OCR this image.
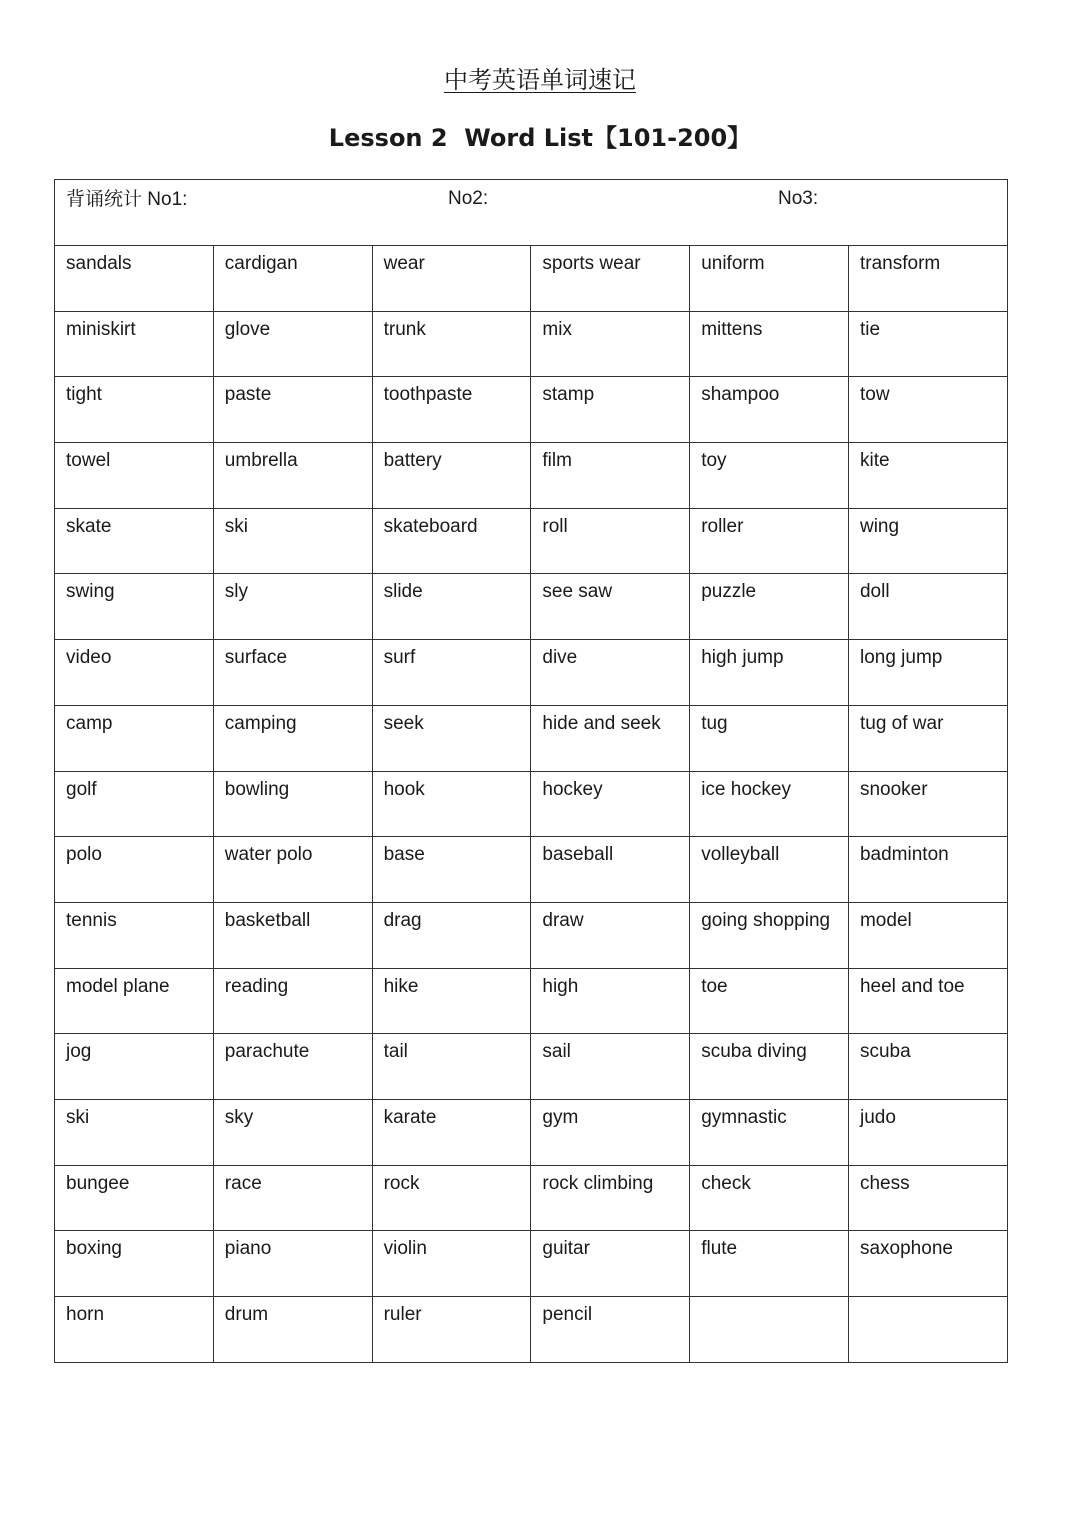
中考英语单词速记
Lesson 2  Word List【101-200】
背诵统计 No1: No2: No3:					

sandals	cardigan	wear	sports wear	uniform	transform
miniskirt	glove	trunk	mix	mittens	tie
tight	paste	toothpaste	stamp	shampoo	tow
towel	umbrella	battery	film	toy	kite
skate	ski	skateboard	roll	roller	wing
swing	sly	slide	see saw	puzzle	doll
video	surface	surf	dive	high jump	long jump
camp	camping	seek	hide and seek	tug	tug of war
golf	bowling	hook	hockey	ice hockey	snooker
polo	water polo	base	baseball	volleyball	badminton
tennis	basketball	drag	draw	going shopping	model
model plane	reading	hike	high	toe	heel and toe
jog	parachute	tail	sail	scuba diving	scuba
ski	sky	karate	gym	gymnastic	judo
bungee	race	rock	rock climbing	check	chess
boxing	piano	violin	guitar	flute	saxophone
horn	drum	ruler	pencil		
